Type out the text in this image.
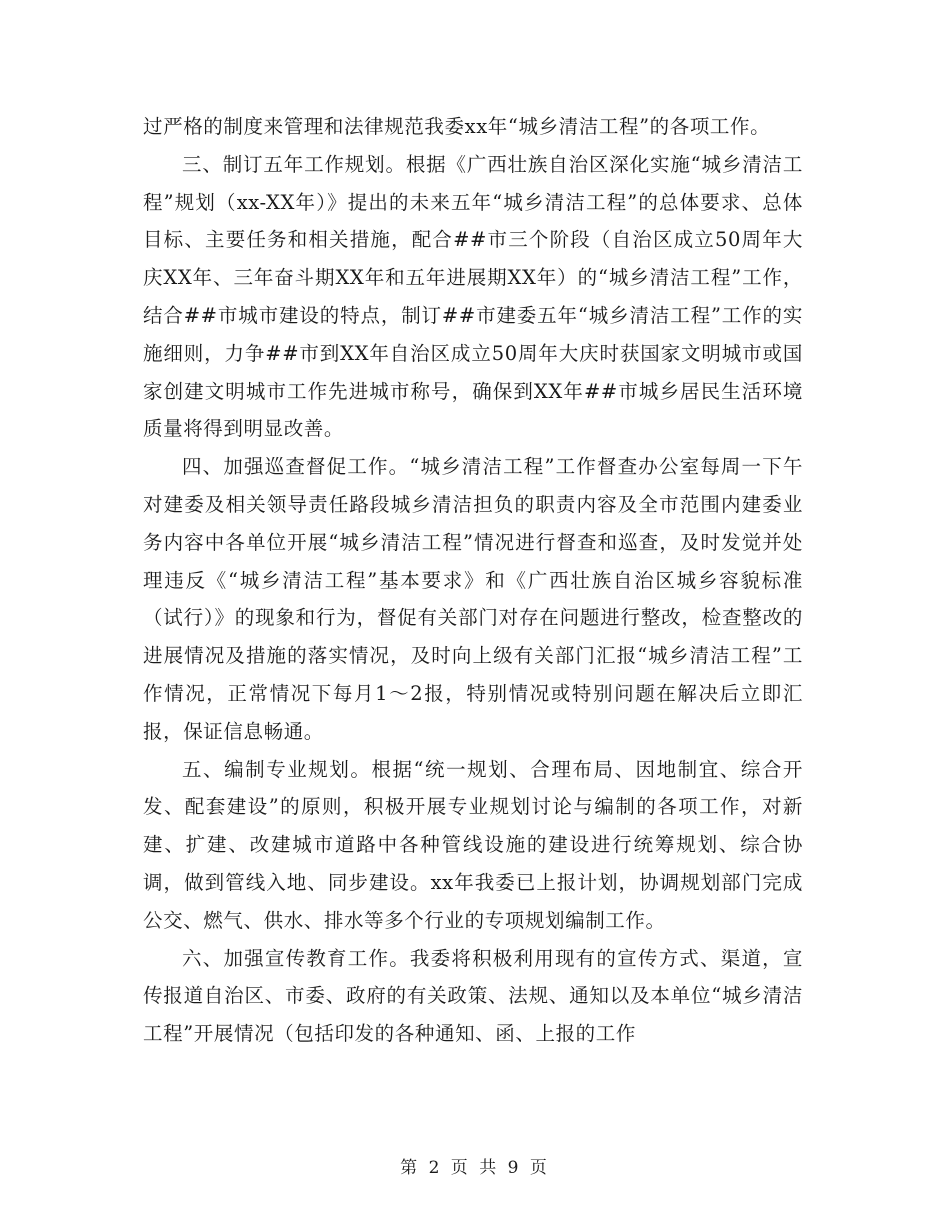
过严格的制度来管理和法律规范我委xx年“城乡清洁工程”的各项工作。

三、制订五年工作规划。根据《广西壮族自治区深化实施“城乡清洁工程”规划（xx-XX年）》提出的未来五年“城乡清洁工程”的总体要求、总体目标、主要任务和相关措施，配合##市三个阶段（自治区成立50周年大庆XX年、三年奋斗期XX年和五年进展期XX年）的“城乡清洁工程”工作，结合##市城市建设的特点，制订##市建委五年“城乡清洁工程”工作的实施细则，力争##市到XX年自治区成立50周年大庆时获国家文明城市或国家创建文明城市工作先进城市称号，确保到XX年##市城乡居民生活环境质量将得到明显改善。

四、加强巡查督促工作。“城乡清洁工程”工作督查办公室每周一下午对建委及相关领导责任路段城乡清洁担负的职责内容及全市范围内建委业务内容中各单位开展“城乡清洁工程”情况进行督查和巡查，及时发觉并处理违反《“城乡清洁工程”基本要求》和《广西壮族自治区城乡容貌标准（试行）》的现象和行为，督促有关部门对存在问题进行整改，检查整改的进展情况及措施的落实情况，及时向上级有关部门汇报“城乡清洁工程”工作情况，正常情况下每月1～2报，特别情况或特别问题在解决后立即汇报，保证信息畅通。

五、编制专业规划。根据“统一规划、合理布局、因地制宜、综合开发、配套建设”的原则，积极开展专业规划讨论与编制的各项工作，对新建、扩建、改建城市道路中各种管线设施的建设进行统筹规划、综合协调，做到管线入地、同步建设。xx年我委已上报计划，协调规划部门完成公交、燃气、供水、排水等多个行业的专项规划编制工作。

六、加强宣传教育工作。我委将积极利用现有的宣传方式、渠道，宣传报道自治区、市委、政府的有关政策、法规、通知以及本单位“城乡清洁工程”开展情况（包括印发的各种通知、函、上报的工作

第 2 页 共 9 页
